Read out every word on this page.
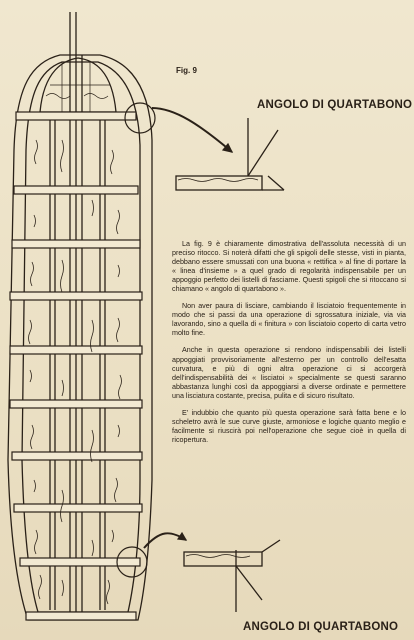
Fig. 9
ANGOLO DI QUARTABONO
ANGOLO DI QUARTABONO

La fig. 9 è chiaramente dimostrativa dell'assoluta necessità di un preciso ritocco. Si noterà difatti che gli spigoli delle stesse, visti in pianta, debbano essere smussati con una buona « rettifica » al fine di portare la « linea d'insieme » a quel grado di regolarità indispensabile per un appoggio perfetto dei listelli di fasciame. Questi spigoli che si ritoccano si chiamano « angolo di quartabono ».

Non aver paura di lisciare, cambiando il lisciatoio frequentemente in modo che si passi da una operazione di sgrossatura iniziale, via via lavorando, sino a quella di « finitura » con lisciatoio coperto di carta vetro molto fine.

Anche in questa operazione si rendono indispensabili dei listelli appoggiati provvisoriamente all'esterno per un controllo dell'esatta curvatura, e più di ogni altra operazione ci si accorgerà dell'indispensabilità dei « lisciatoi » specialmente se questi saranno abbastanza lunghi così da appoggiarsi a diverse ordinate e permettere una lisciatura costante, precisa, pulita e di sicuro risultato.

E' indubbio che quanto più questa operazione sarà fatta bene e lo scheletro avrà le sue curve giuste, armoniose e logiche quanto meglio e facilmente si riuscirà poi nell'operazione che segue cioè in quella di ricopertura.
